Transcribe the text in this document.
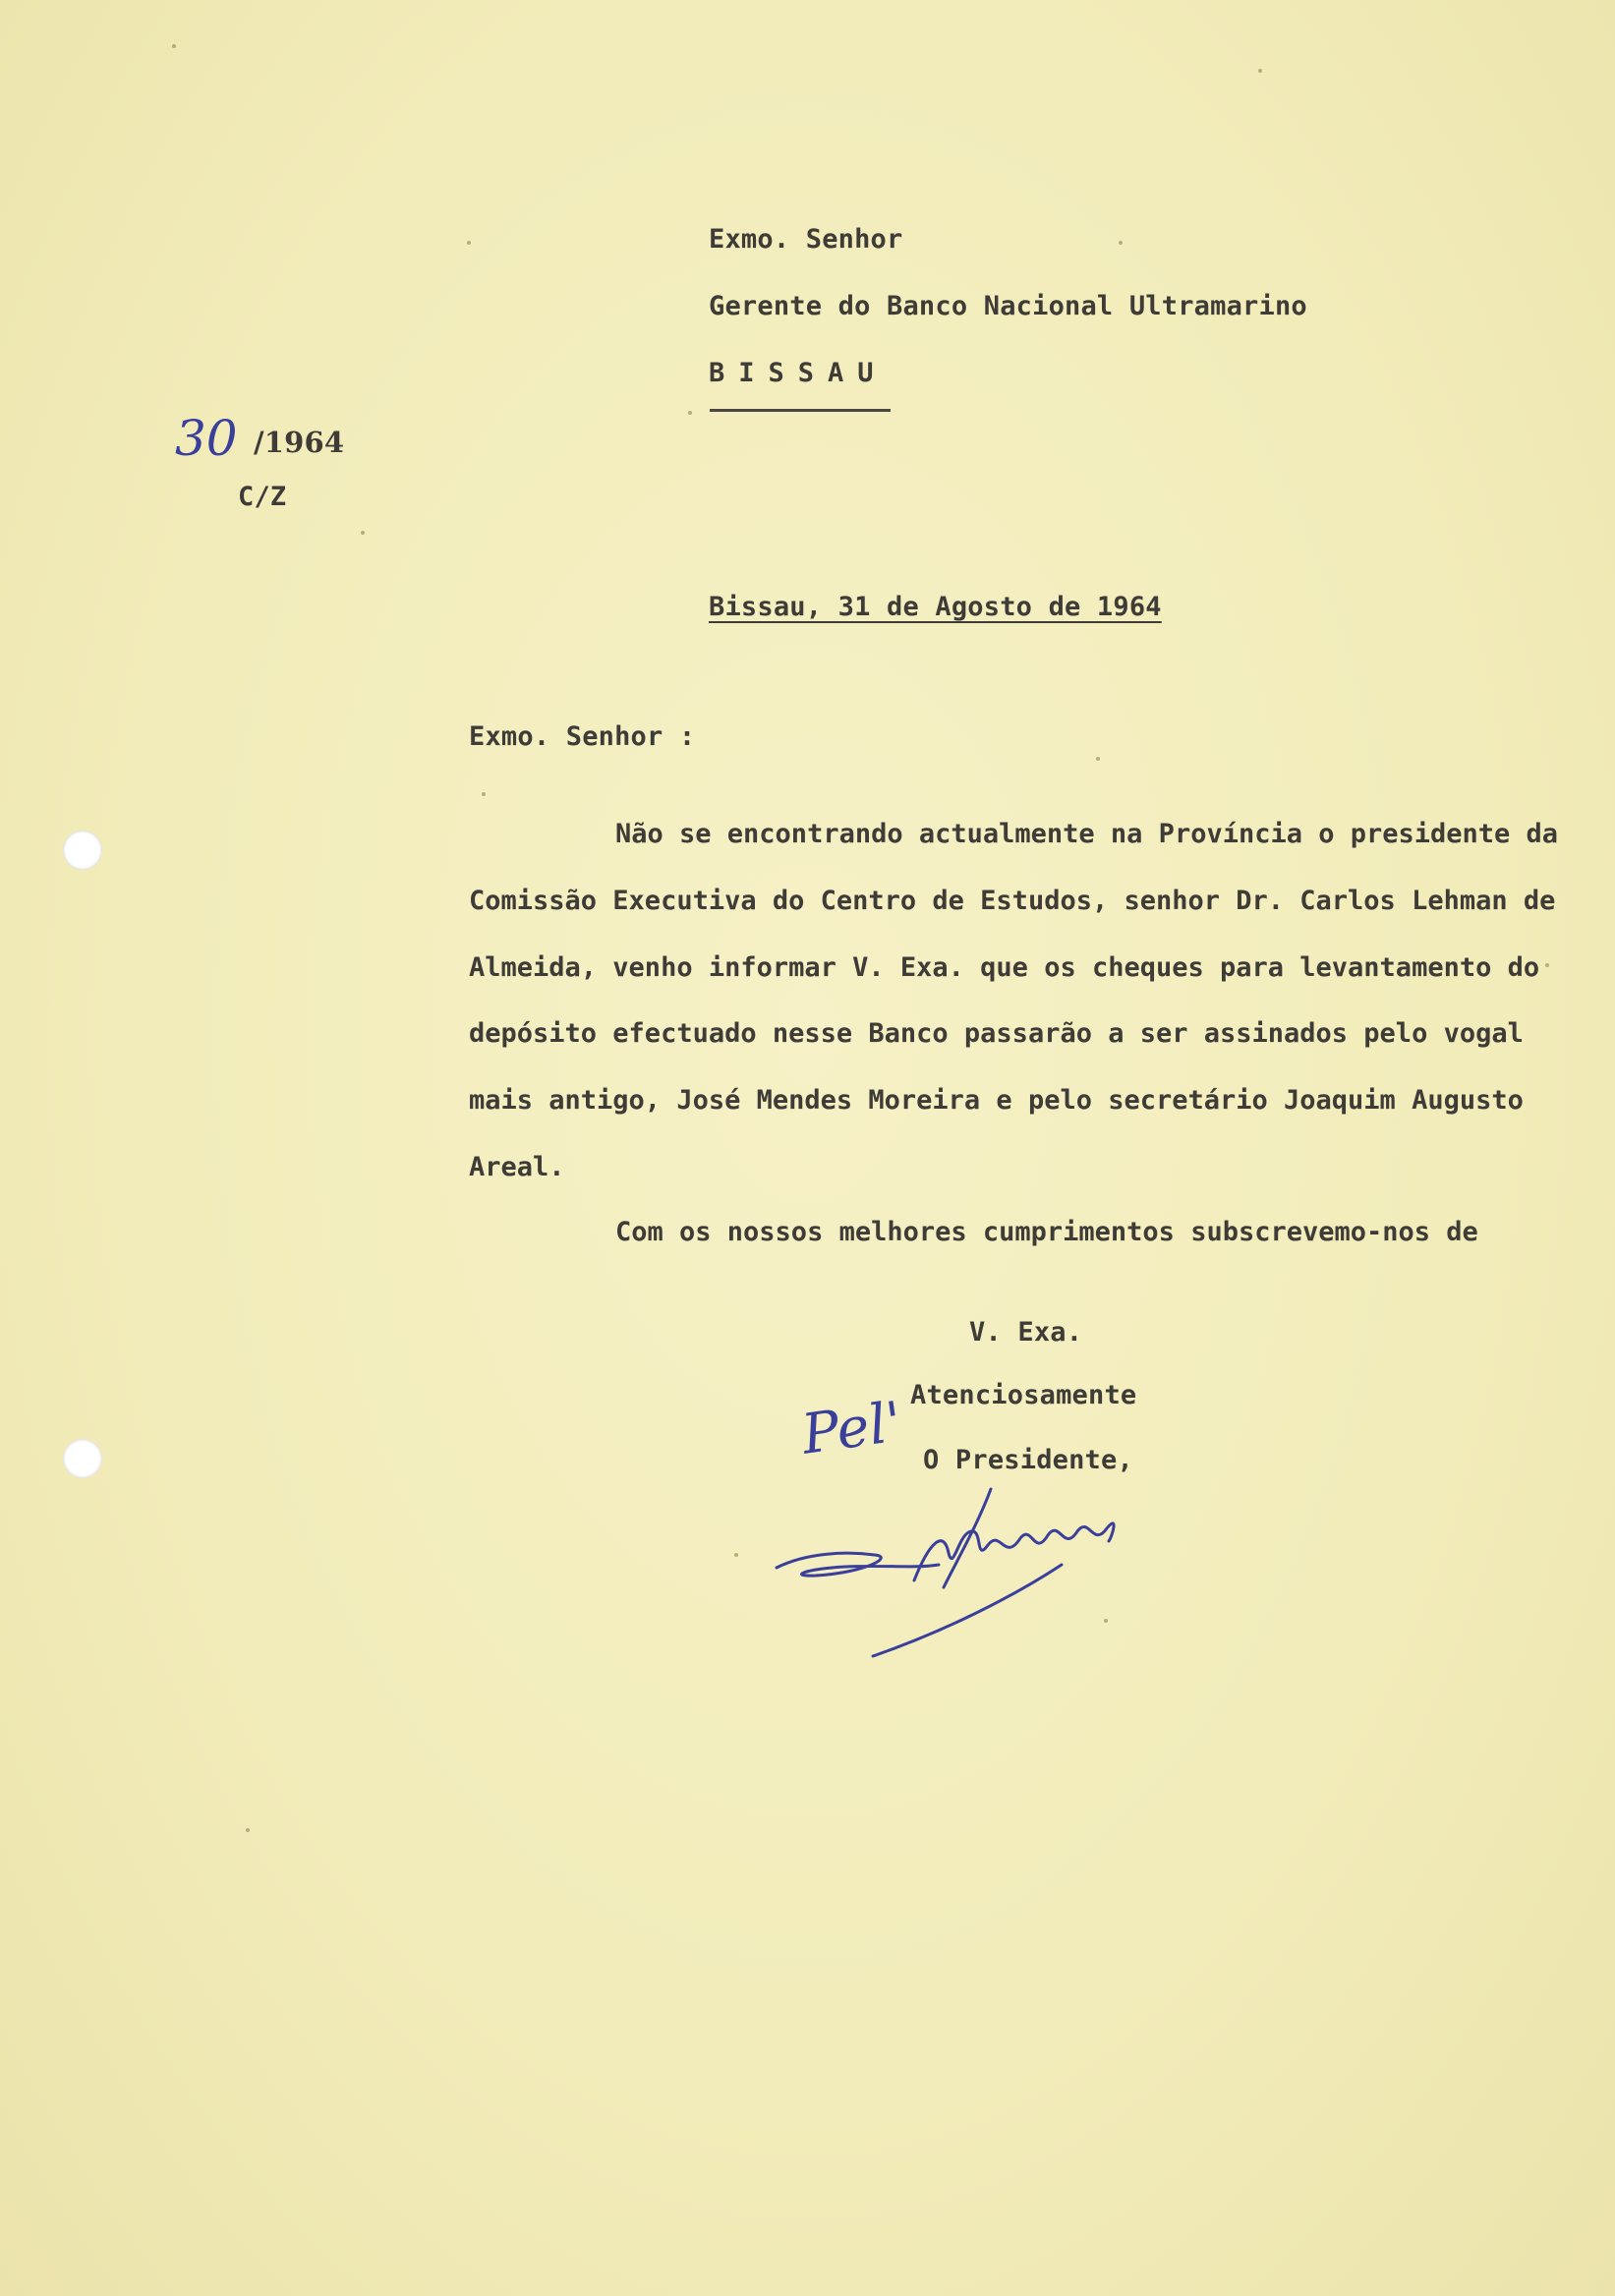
Exmo. Senhor
Gerente do Banco Nacional Ultramarino
BISSAU
30 /1964
C/Z
Bissau, 31 de Agosto de 1964
Exmo. Senhor :
Não se encontrando actualmente na Província o presidente da
Comissão Executiva do Centro de Estudos, senhor Dr. Carlos Lehman de
Almeida, venho informar V. Exa. que os cheques para levantamento do
depósito efectuado nesse Banco passarão a ser assinados pelo vogal
mais antigo, José Mendes Moreira e pelo secretário Joaquim Augusto
Areal.
Com os nossos melhores cumprimentos subscrevemo-nos de
V. Exa.
Atenciosamente
O Presidente,
Pel'
